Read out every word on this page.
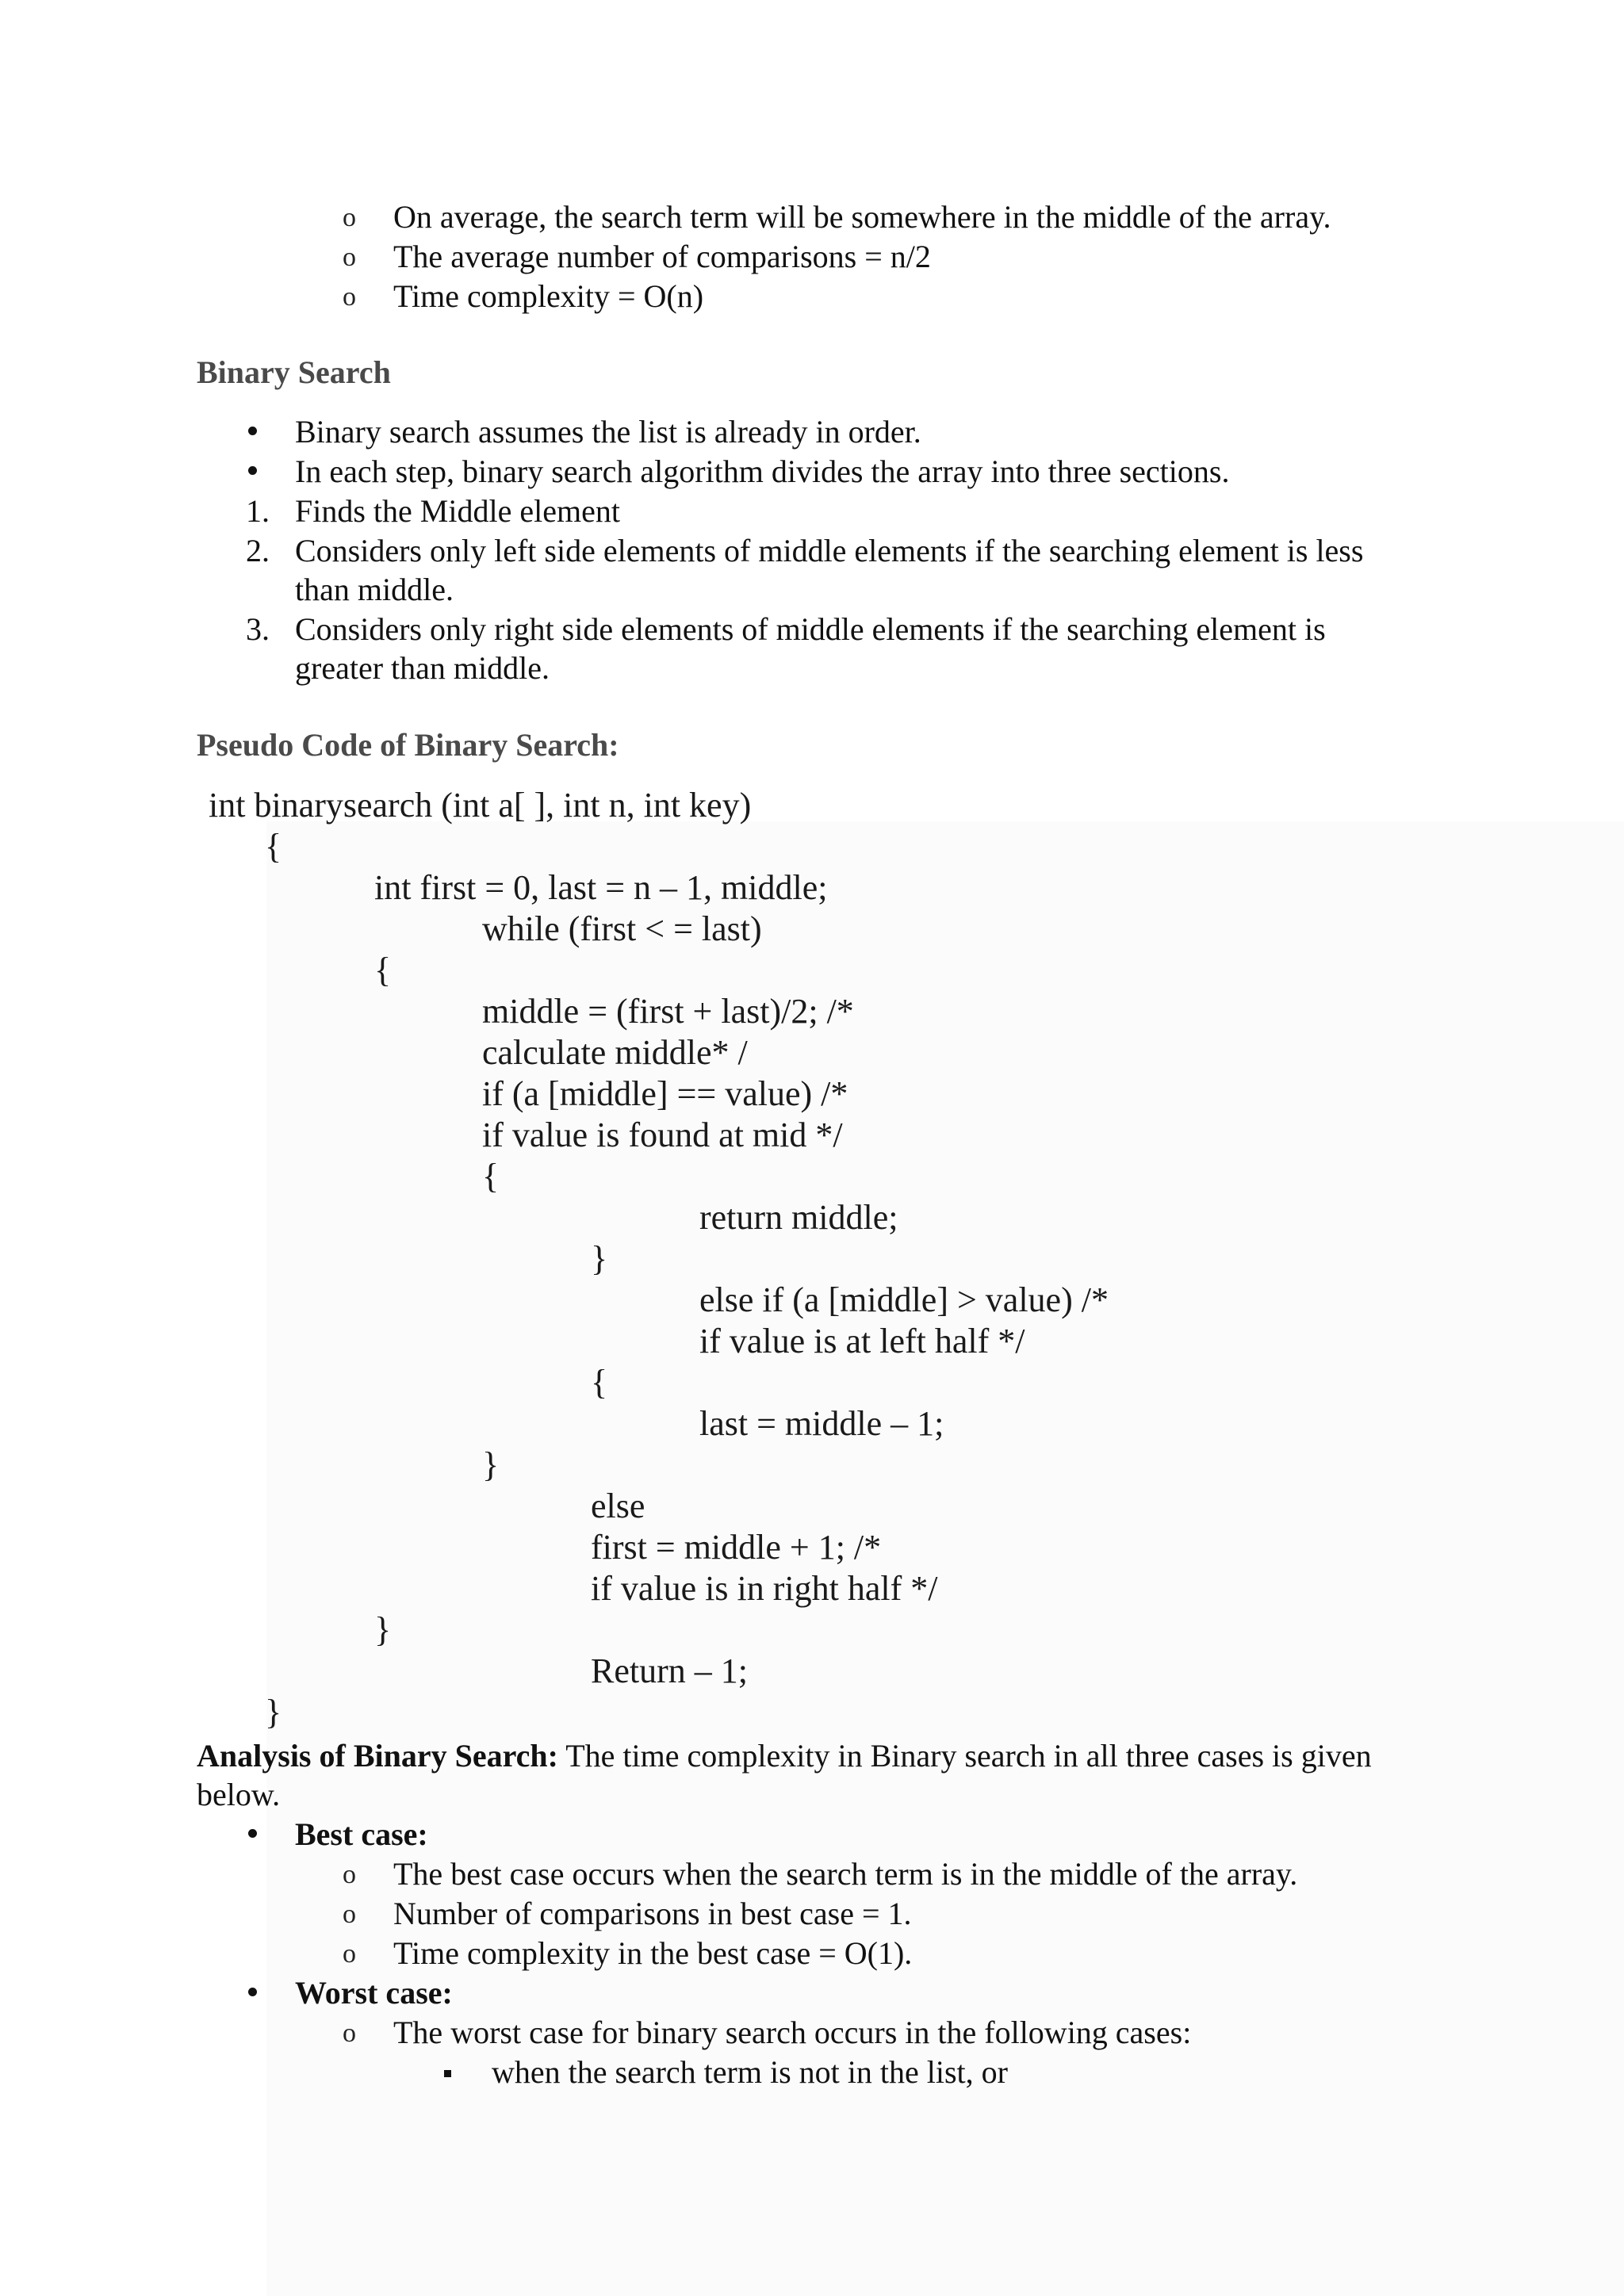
o On average, the search term will be somewhere in the middle of the array.
o The average number of comparisons = n/2
o Time complexity = O(n)
Binary Search
Binary search assumes the list is already in order.
In each step, binary search algorithm divides the array into three sections.
1. Finds the Middle element
2. Considers only left side elements of middle elements if the searching element is less
than middle.
3. Considers only right side elements of middle elements if the searching element is
greater than middle.
Pseudo Code of Binary Search:
int binarysearch (int a[ ], int n, int key)
{
int first = 0, last = n – 1, middle;
while (first < = last)
{
middle = (first + last)/2; /*
calculate middle* /
if (a [middle] == value) /*
if value is found at mid */
{
return middle;
}
else if (a [middle] > value) /*
if value is at left half */
{
last = middle – 1;
}
else
first = middle + 1; /*
if value is in right half */
}
Return – 1;
}
Analysis of Binary Search: The time complexity in Binary search in all three cases is given
below.
Best case:
o The best case occurs when the search term is in the middle of the array.
o Number of comparisons in best case = 1.
o Time complexity in the best case = O(1).
Worst case:
o The worst case for binary search occurs in the following cases:
when the search term is not in the list, or
